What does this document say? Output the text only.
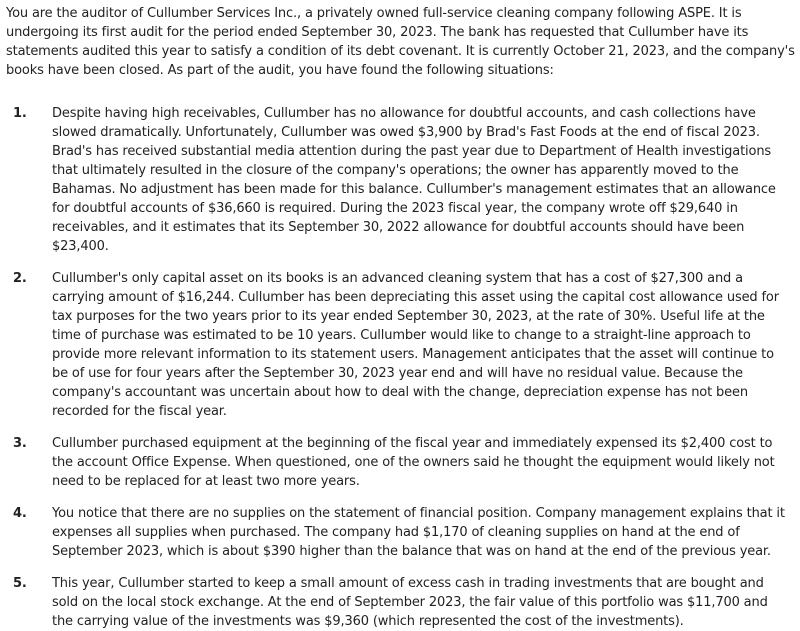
You are the auditor of Cullumber Services Inc., a privately owned full-service cleaning company following ASPE. It is undergoing its first audit for the period ended September 30, 2023. The bank has requested that Cullumber have its statements audited this year to satisfy a condition of its debt covenant. It is currently October 21, 2023, and the company's books have been closed. As part of the audit, you have found the following situations:

1.	Despite having high receivables, Cullumber has no allowance for doubtful accounts, and cash collections have slowed dramatically. Unfortunately, Cullumber was owed $3,900 by Brad's Fast Foods at the end of fiscal 2023. Brad's has received substantial media attention during the past year due to Department of Health investigations that ultimately resulted in the closure of the company's operations; the owner has apparently moved to the Bahamas. No adjustment has been made for this balance. Cullumber's management estimates that an allowance for doubtful accounts of $36,660 is required. During the 2023 fiscal year, the company wrote off $29,640 in receivables, and it estimates that its September 30, 2022 allowance for doubtful accounts should have been $23,400.
2.	Cullumber's only capital asset on its books is an advanced cleaning system that has a cost of $27,300 and a carrying amount of $16,244. Cullumber has been depreciating this asset using the capital cost allowance used for tax purposes for the two years prior to its year ended September 30, 2023, at the rate of 30%. Useful life at the time of purchase was estimated to be 10 years. Cullumber would like to change to a straight-line approach to provide more relevant information to its statement users. Management anticipates that the asset will continue to be of use for four years after the September 30, 2023 year end and will have no residual value. Because the company's accountant was uncertain about how to deal with the change, depreciation expense has not been recorded for the fiscal year.
3.	Cullumber purchased equipment at the beginning of the fiscal year and immediately expensed its $2,400 cost to the account Office Expense. When questioned, one of the owners said he thought the equipment would likely not need to be replaced for at least two more years.
4.	You notice that there are no supplies on the statement of financial position. Company management explains that it expenses all supplies when purchased. The company had $1,170 of cleaning supplies on hand at the end of September 2023, which is about $390 higher than the balance that was on hand at the end of the previous year.
5.	This year, Cullumber started to keep a small amount of excess cash in trading investments that are bought and sold on the local stock exchange. At the end of September 2023, the fair value of this portfolio was $11,700 and the carrying value of the investments was $9,360 (which represented the cost of the investments).
